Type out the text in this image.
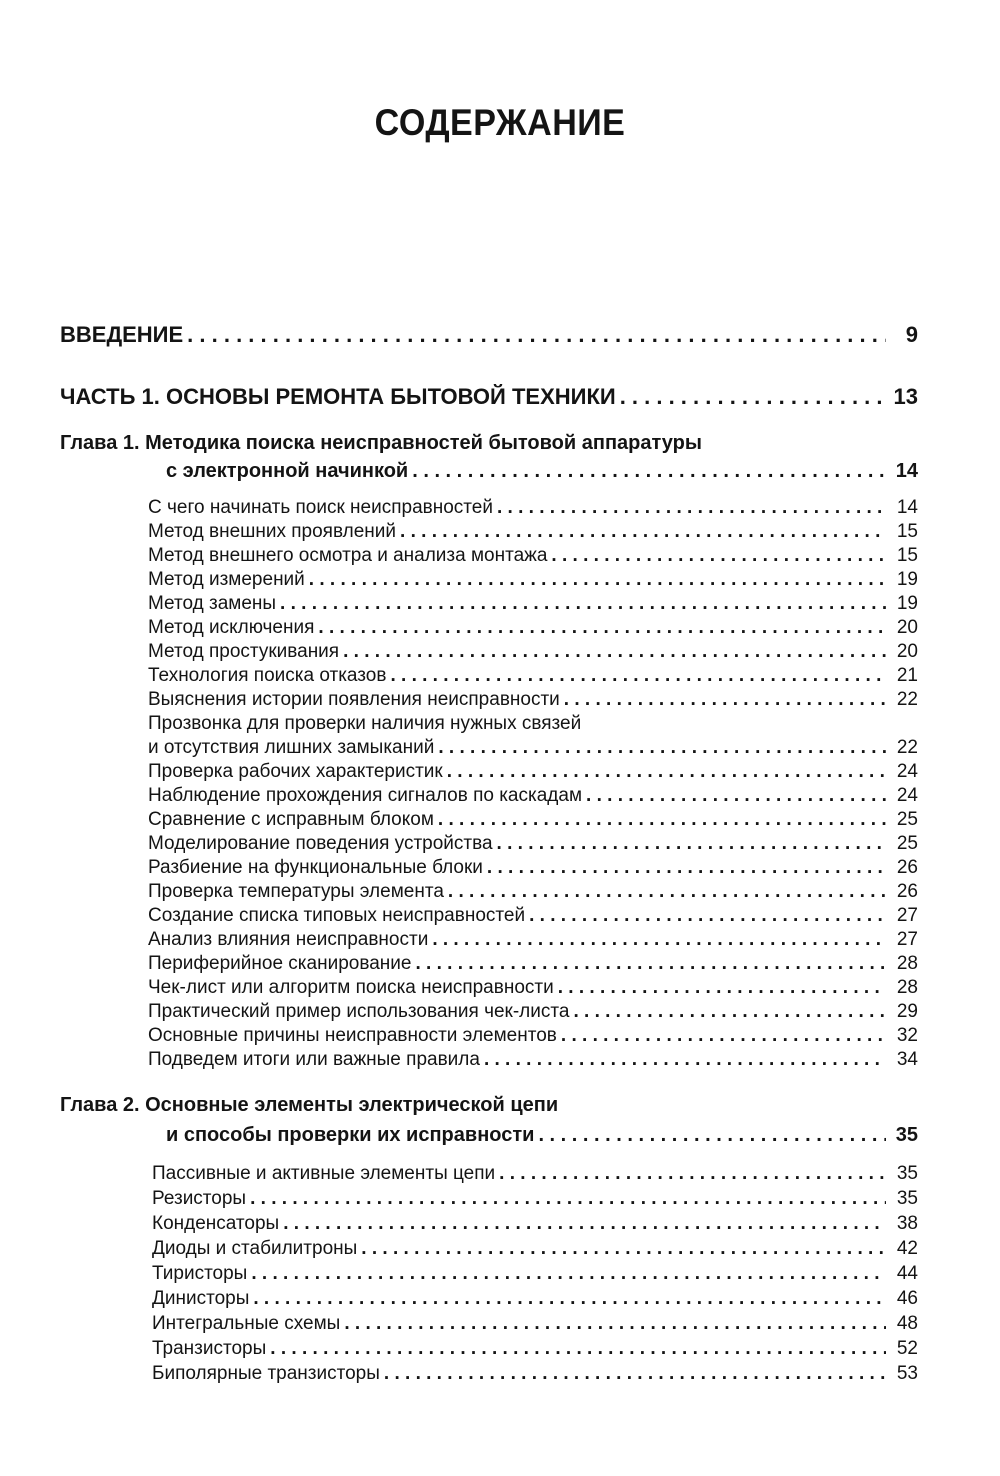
СОДЕРЖАНИЕ
ВВЕДЕНИЕ . . .	9
ЧАСТЬ 1. ОСНОВЫ РЕМОНТА БЫТОВОЙ ТЕХНИКИ . . .	13
Глава 1. Методика поиска неисправностей бытовой аппаратуры
с электронной начинкой . . .	14
С чего начинать поиск неисправностей . . .	14
Метод внешних проявлений . . .	15
Метод внешнего осмотра и анализа монтажа . . .	15
Метод измерений . . .	19
Метод замены . . .	19
Метод исключения . . .	20
Метод простукивания . . .	20
Технология поиска отказов . . .	21
Выяснения истории появления неисправности . . .	22
Прозвонка для проверки наличия нужных связей
и отсутствия лишних замыканий . . .	22
Проверка рабочих характеристик . . .	24
Наблюдение прохождения сигналов по каскадам . . .	24
Сравнение с исправным блоком . . .	25
Моделирование поведения устройства . . .	25
Разбиение на функциональные блоки . . .	26
Проверка температуры элемента . . .	26
Создание списка типовых неисправностей . . .	27
Анализ влияния неисправности . . .	27
Периферийное сканирование . . .	28
Чек-лист или алгоритм поиска неисправности . . .	28
Практический пример использования чек-листа . . .	29
Основные причины неисправности элементов . . .	32
Подведем итоги или важные правила . . .	34
Глава 2. Основные элементы электрической цепи
и способы проверки их исправности . . .	35
Пассивные и активные элементы цепи . . .	35
Резисторы . . .	35
Конденсаторы . . .	38
Диоды и стабилитроны . . .	42
Тиристоры . . .	44
Динисторы . . .	46
Интегральные схемы . . .	48
Транзисторы . . .	52
Биполярные транзисторы . . .	53
